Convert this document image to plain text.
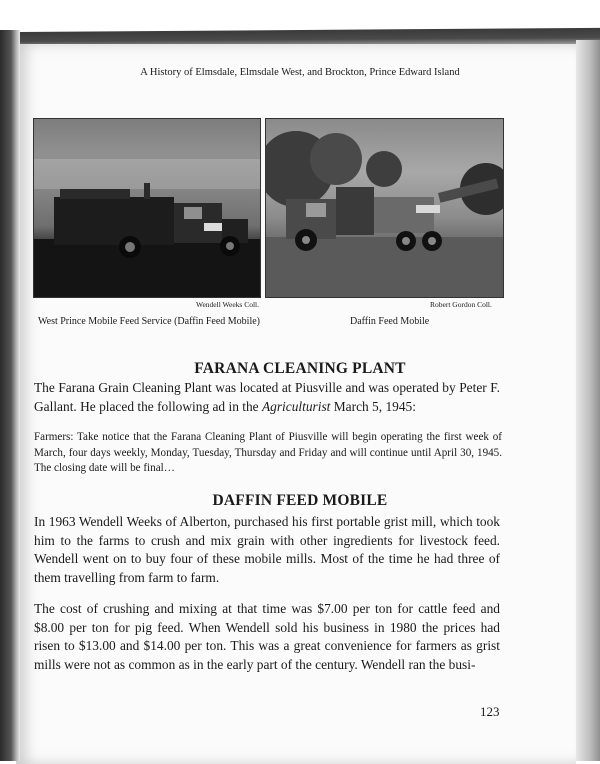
A History of Elmsdale, Elmsdale West, and Brockton, Prince Edward Island
Wendell Weeks Coll.	Robert Gordon Coll.
West Prince Mobile Feed Service (Daffin Feed Mobile)	Daffin Feed Mobile
FARANA CLEANING PLANT
The Farana Grain Cleaning Plant was located at Piusville and was operated by Peter F. Gallant. He placed the following ad in the Agriculturist March 5, 1945:
Farmers: Take notice that the Farana Cleaning Plant of Piusville will begin operating the first week of March, four days weekly, Monday, Tuesday, Thursday and Friday and will continue until April 30, 1945. The closing date will be final…
DAFFIN FEED MOBILE
In 1963 Wendell Weeks of Alberton, purchased his first portable grist mill, which took him to the farms to crush and mix grain with other ingredients for livestock feed. Wendell went on to buy four of these mobile mills. Most of the time he had three of them travelling from farm to farm.
The cost of crushing and mixing at that time was $7.00 per ton for cattle feed and $8.00 per ton for pig feed. When Wendell sold his business in 1980 the prices had risen to $13.00 and $14.00 per ton. This was a great convenience for farmers as grist mills were not as common as in the early part of the century. Wendell ran the busi-
123
